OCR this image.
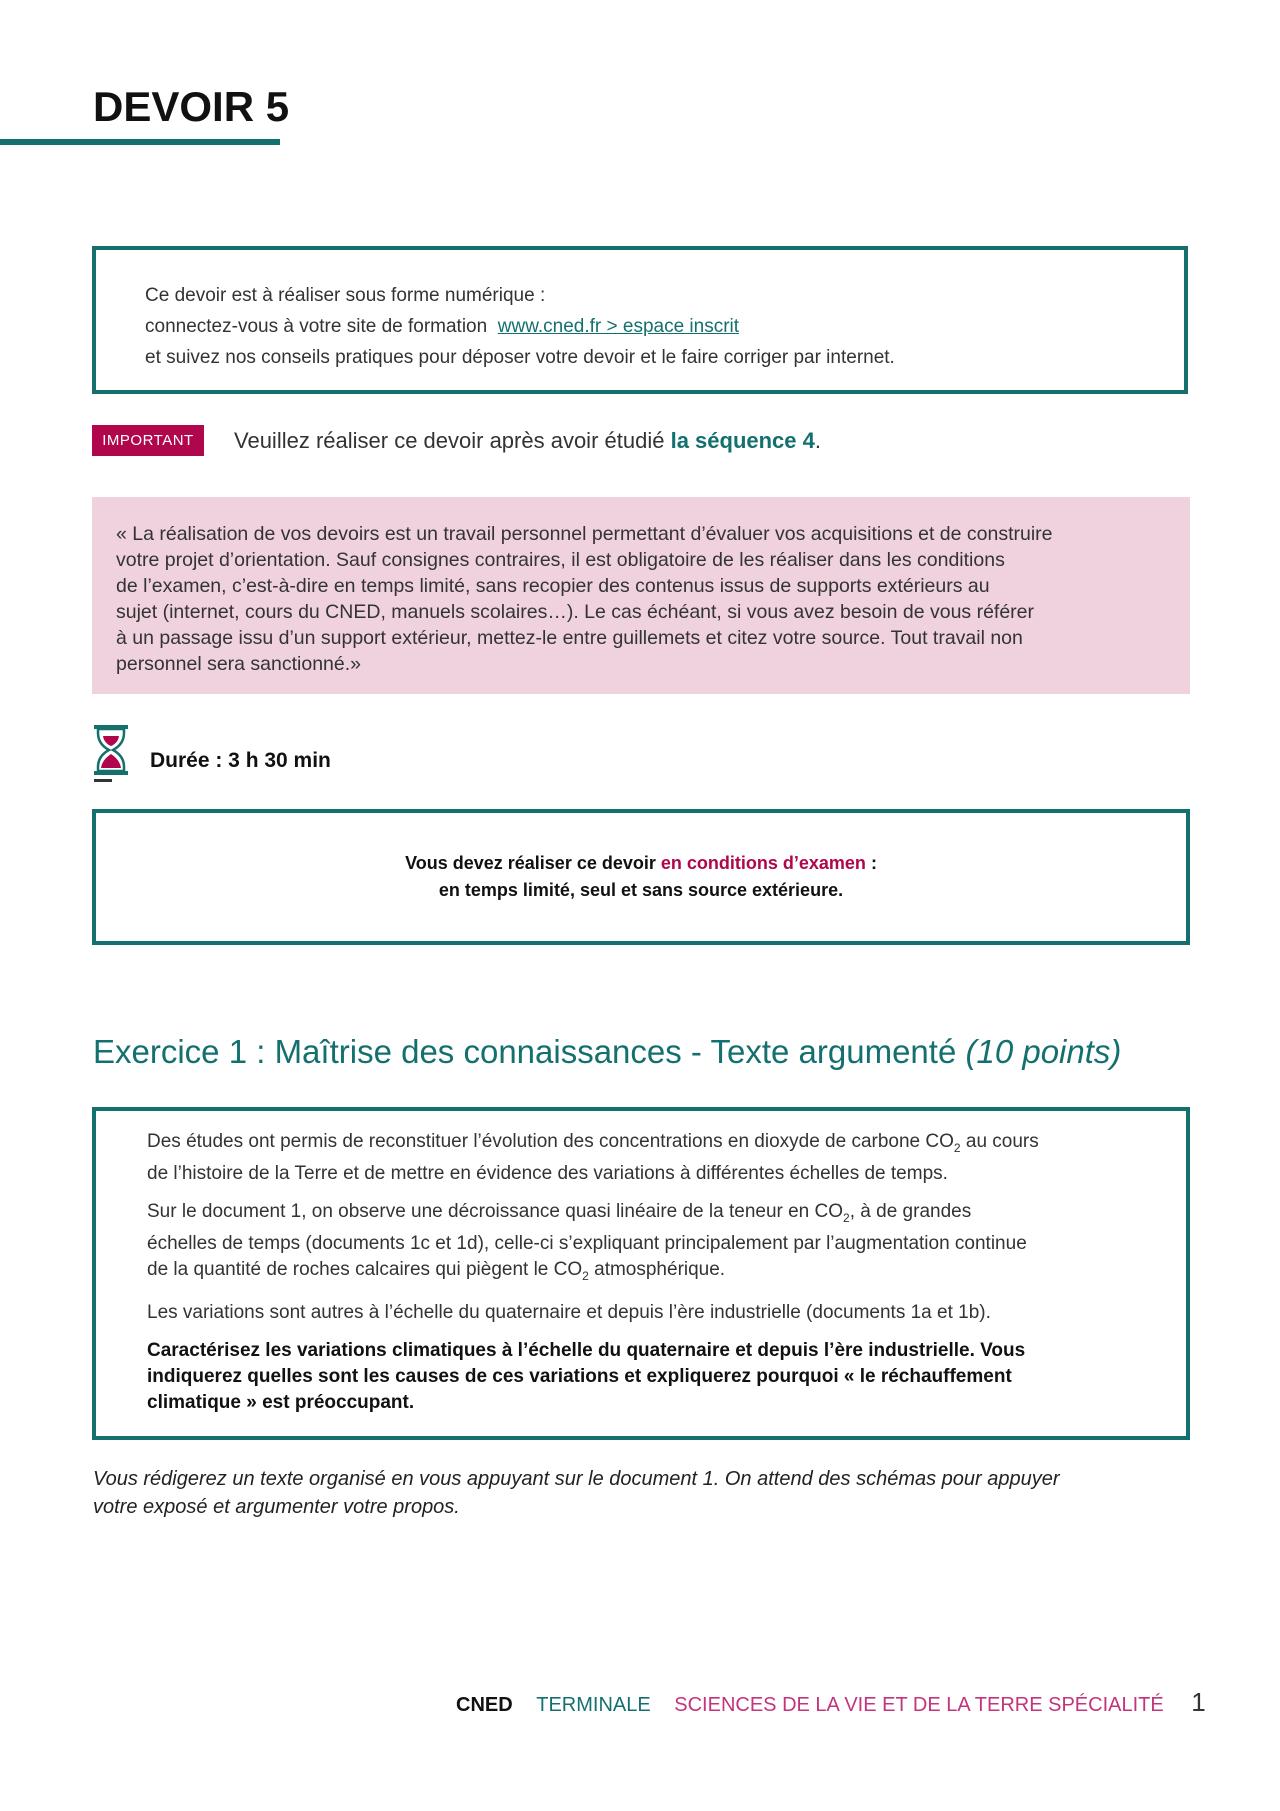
DEVOIR 5
Ce devoir est à réaliser sous forme numérique :
connectez-vous à votre site de formation www.cned.fr > espace inscrit
et suivez nos conseils pratiques pour déposer votre devoir et le faire corriger par internet.
IMPORTANT	Veuillez réaliser ce devoir après avoir étudié la séquence 4.
« La réalisation de vos devoirs est un travail personnel permettant d’évaluer vos acquisitions et de construire
votre projet d’orientation. Sauf consignes contraires, il est obligatoire de les réaliser dans les conditions
de l’examen, c’est-à-dire en temps limité, sans recopier des contenus issus de supports extérieurs au
sujet (internet, cours du CNED, manuels scolaires…). Le cas échéant, si vous avez besoin de vous référer
à un passage issu d’un support extérieur, mettez-le entre guillemets et citez votre source. Tout travail non
personnel sera sanctionné.»
Durée : 3 h 30 min
Vous devez réaliser ce devoir en conditions d’examen :
en temps limité, seul et sans source extérieure.
Exercice 1 : Maîtrise des connaissances - Texte argumenté (10 points)

Des études ont permis de reconstituer l’évolution des concentrations en dioxyde de carbone $CO_2$ au cours
de l’histoire de la Terre et de mettre en évidence des variations à différentes échelles de temps.

Sur le document 1, on observe une décroissance quasi linéaire de la teneur en $CO_2$, à de grandes
échelles de temps (documents 1c et 1d), celle-ci s’expliquant principalement par l’augmentation continue
de la quantité de roches calcaires qui piègent le $CO_2$ atmosphérique.

Les variations sont autres à l’échelle du quaternaire et depuis l’ère industrielle (documents 1a et 1b).

Caractérisez les variations climatiques à l’échelle du quaternaire et depuis l’ère industrielle. Vous
indiquerez quelles sont les causes de ces variations et expliquerez pourquoi « le réchauffement
climatique » est préoccupant.

Vous rédigerez un texte organisé en vous appuyant sur le document 1. On attend des schémas pour appuyer
votre exposé et argumenter votre propos.

CNED TERMINALE SCIENCES DE LA VIE ET DE LA TERRE SPÉCIALITÉ 1
